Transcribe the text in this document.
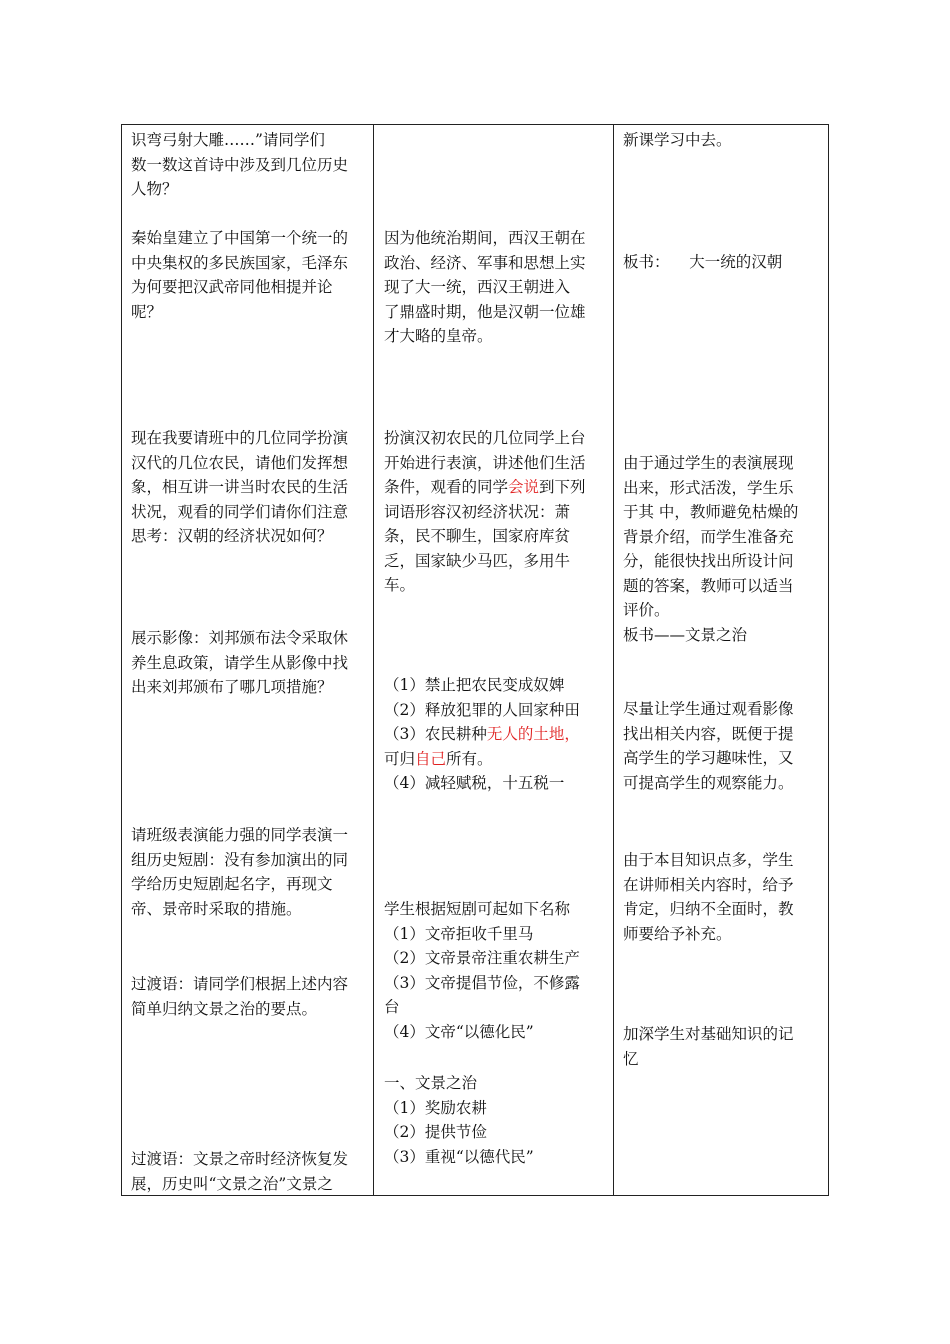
识弯弓射大雕……”请同学们
数一数这首诗中涉及到几位历史
人物？
秦始皇建立了中国第一个统一的
中央集权的多民族国家，毛泽东
为何要把汉武帝同他相提并论
呢？
现在我要请班中的几位同学扮演
汉代的几位农民，请他们发挥想
象，相互讲一讲当时农民的生活
状况，观看的同学们请你们注意
思考：汉朝的经济状况如何？
展示影像：刘邦颁布法令采取休
养生息政策，请学生从影像中找
出来刘邦颁布了哪几项措施？
请班级表演能力强的同学表演一
组历史短剧：没有参加演出的同
学给历史短剧起名字，再现文
帝、景帝时采取的措施。
过渡语：请同学们根据上述内容
简单归纳文景之治的要点。
过渡语：文景之帝时经济恢复发
展，历史叫“文景之治”文景之
因为他统治期间，西汉王朝在
政治、经济、军事和思想上实
现了大一统，西汉王朝进入
了鼎盛时期，他是汉朝一位雄
才大略的皇帝。
扮演汉初农民的几位同学上台
开始进行表演，讲述他们生活
条件，观看的同学会说到下列
词语形容汉初经济状况：萧
条，民不聊生，国家府库贫
乏，国家缺少马匹，多用牛
车。
（1）禁止把农民变成奴婢
（2）释放犯罪的人回家种田
（3）农民耕种无人的土地，
可归自己所有。
（4）减轻赋税，十五税一
学生根据短剧可起如下名称
（1）文帝拒收千里马
（2）文帝景帝注重农耕生产
（3）文帝提倡节俭，不修露
台
（4）文帝“以德化民”
一、文景之治
（1）奖励农耕
（2）提供节俭
（3）重视“以德代民”
新课学习中去。
板书：    大一统的汉朝
由于通过学生的表演展现
出来，形式活泼，学生乐
于其 中，教师避免枯燥的
背景介绍，而学生准备充
分，能很快找出所设计问
题的答案，教师可以适当
评价。
板书——文景之治
尽量让学生通过观看影像
找出相关内容，既便于提
高学生的学习趣味性，又
可提高学生的观察能力。
由于本目知识点多，学生
在讲师相关内容时，给予
肯定，归纳不全面时，教
师要给予补充。
加深学生对基础知识的记
忆
